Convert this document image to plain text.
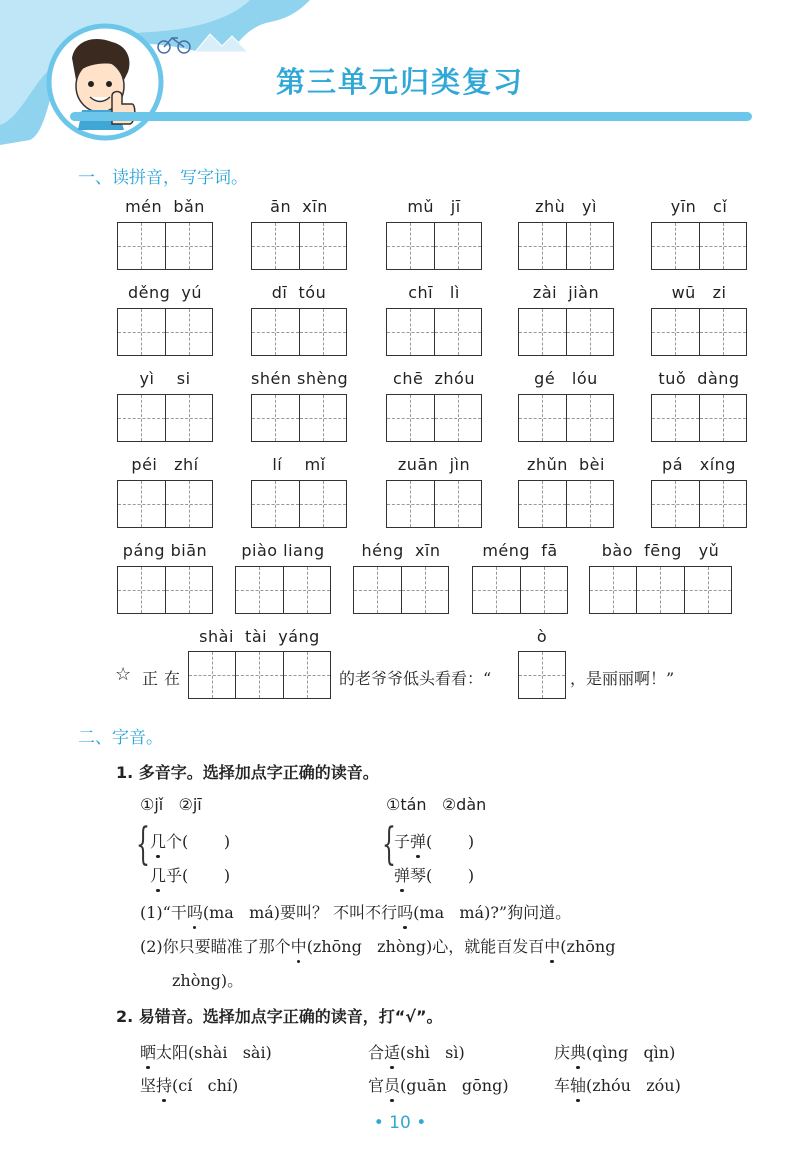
第三单元归类复习
一、读拼音，写字词。
mén  bǎn	ān  xīn	mǔ   jī	zhù   yì	yīn   cǐ
děng  yú	dī  tóu	chī   lì	zài  jiàn	wū   zi
yì    si	shén shèng	chē  zhóu	gé   lóu	tuǒ  dàng
péi   zhí	lí    mǐ	zuān  jìn	zhǔn  bèi	pá   xíng
páng biān	piào liang	héng  xīn	méng  fā	bào  fēng   yǔ
☆ 正在
shài  tài  yáng
的老爷爷低头看看：“
ò
，是丽丽啊！”
二、字音。
1. 多音字。选择加点字正确的读音。
①jǐ   ②jī	①tán   ②dàn
{ 几个(       )
几乎(       )
{
子弹(       )
弹琴(       )
(1)“干吗(ma   má)要叫？ 不叫不行吗(ma   má)?”狗问道。
(2)你只要瞄准了那个中(zhōng   zhòng)心，就能百发百中(zhōng
zhòng)。
2. 易错音。选择加点字正确的读音，打“√”。
晒太阳(shài   sài)	合适(shì   sì)	庆典(qìng   qìn)
坚持(cí   chí)	官员(guān   gōng)	车轴(zhóu   zóu)
• 10 •
